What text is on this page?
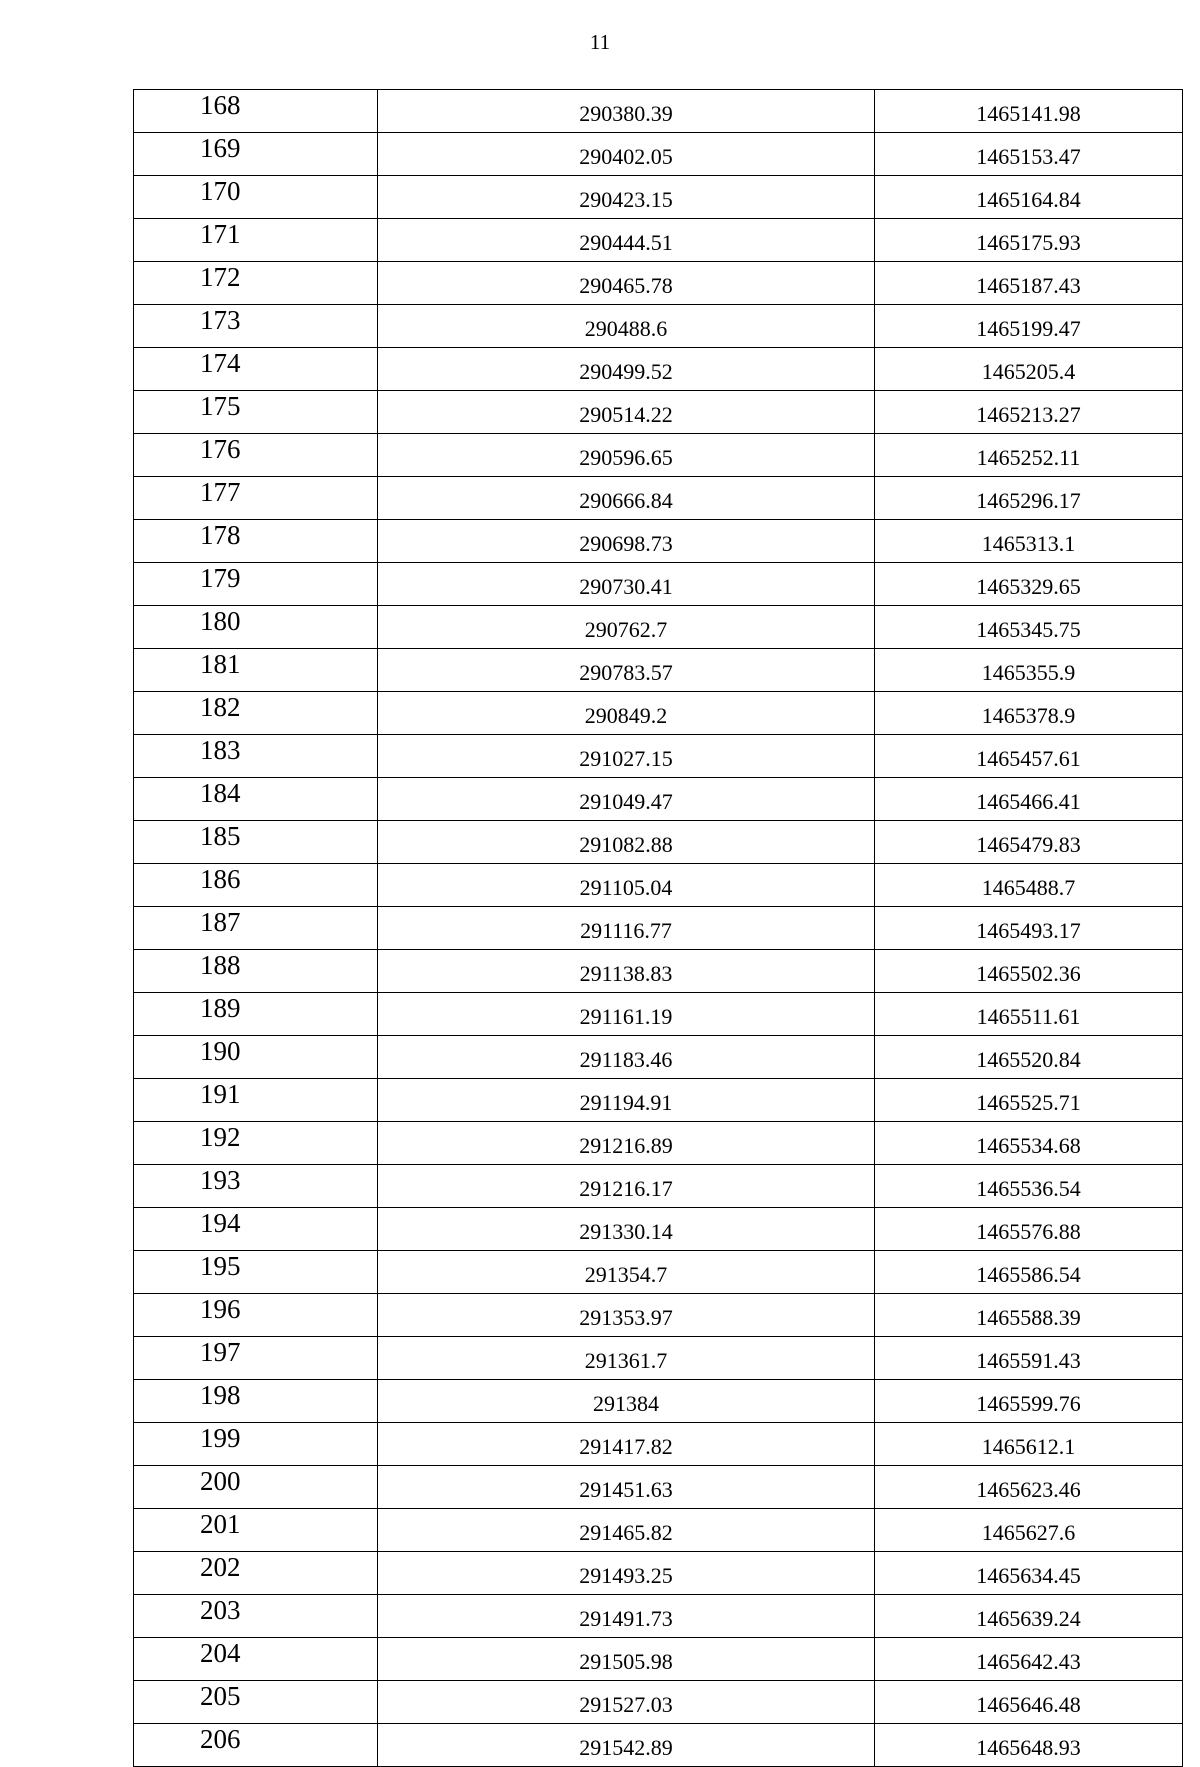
11
168	290380.39	1465141.98
169	290402.05	1465153.47
170	290423.15	1465164.84
171	290444.51	1465175.93
172	290465.78	1465187.43
173	290488.6	1465199.47
174	290499.52	1465205.4
175	290514.22	1465213.27
176	290596.65	1465252.11
177	290666.84	1465296.17
178	290698.73	1465313.1
179	290730.41	1465329.65
180	290762.7	1465345.75
181	290783.57	1465355.9
182	290849.2	1465378.9
183	291027.15	1465457.61
184	291049.47	1465466.41
185	291082.88	1465479.83
186	291105.04	1465488.7
187	291116.77	1465493.17
188	291138.83	1465502.36
189	291161.19	1465511.61
190	291183.46	1465520.84
191	291194.91	1465525.71
192	291216.89	1465534.68
193	291216.17	1465536.54
194	291330.14	1465576.88
195	291354.7	1465586.54
196	291353.97	1465588.39
197	291361.7	1465591.43
198	291384	1465599.76
199	291417.82	1465612.1
200	291451.63	1465623.46
201	291465.82	1465627.6
202	291493.25	1465634.45
203	291491.73	1465639.24
204	291505.98	1465642.43
205	291527.03	1465646.48
206	291542.89	1465648.93
